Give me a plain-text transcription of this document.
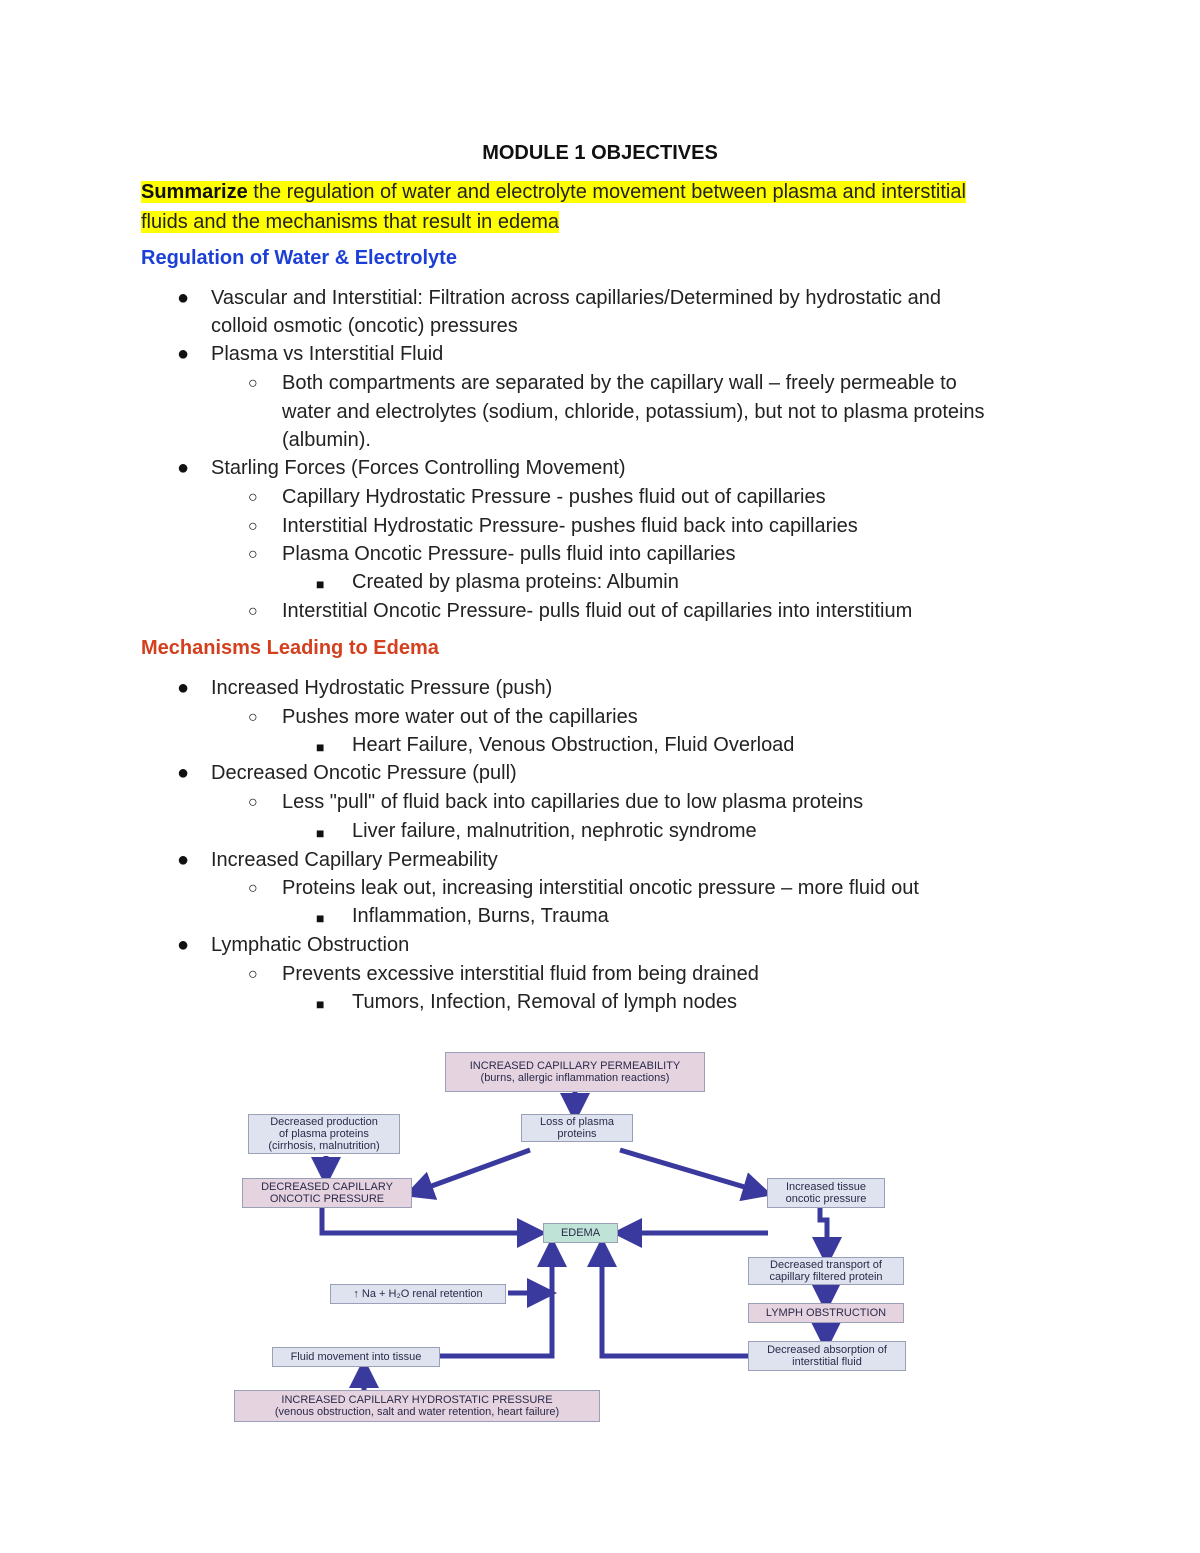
MODULE 1 OBJECTIVES
Summarize the regulation of water and electrolyte movement between plasma and interstitial
fluids and the mechanisms that result in edema
Regulation of Water & Electrolyte
● Vascular and Interstitial: Filtration across capillaries/Determined by hydrostatic and
colloid osmotic (oncotic) pressures
● Plasma vs Interstitial Fluid
○ Both compartments are separated by the capillary wall – freely permeable to
water and electrolytes (sodium, chloride, potassium), but not to plasma proteins
(albumin).
● Starling Forces (Forces Controlling Movement)
○ Capillary Hydrostatic Pressure - pushes fluid out of capillaries
○ Interstitial Hydrostatic Pressure- pushes fluid back into capillaries
○ Plasma Oncotic Pressure- pulls fluid into capillaries
■ Created by plasma proteins: Albumin
○ Interstitial Oncotic Pressure- pulls fluid out of capillaries into interstitium
Mechanisms Leading to Edema
● Increased Hydrostatic Pressure (push)
○ Pushes more water out of the capillaries
■ Heart Failure, Venous Obstruction, Fluid Overload
● Decreased Oncotic Pressure (pull)
○ Less "pull" of fluid back into capillaries due to low plasma proteins
■ Liver failure, malnutrition, nephrotic syndrome
● Increased Capillary Permeability
○ Proteins leak out, increasing interstitial oncotic pressure – more fluid out
■ Inflammation, Burns, Trauma
● Lymphatic Obstruction
○ Prevents excessive interstitial fluid from being drained
■ Tumors, Infection, Removal of lymph nodes
INCREASED CAPILLARY PERMEABILITY
(burns, allergic inflammation reactions)
Loss of plasma
proteins
Decreased production
of plasma proteins
(cirrhosis, malnutrition)
DECREASED CAPILLARY
ONCOTIC PRESSURE
Increased tissue
oncotic pressure
EDEMA
Decreased transport of
capillary filtered protein
↑ Na + H₂O renal retention
LYMPH OBSTRUCTION
Fluid movement into tissue
Decreased absorption of
interstitial fluid
INCREASED CAPILLARY HYDROSTATIC PRESSURE
(venous obstruction, salt and water retention, heart failure)
